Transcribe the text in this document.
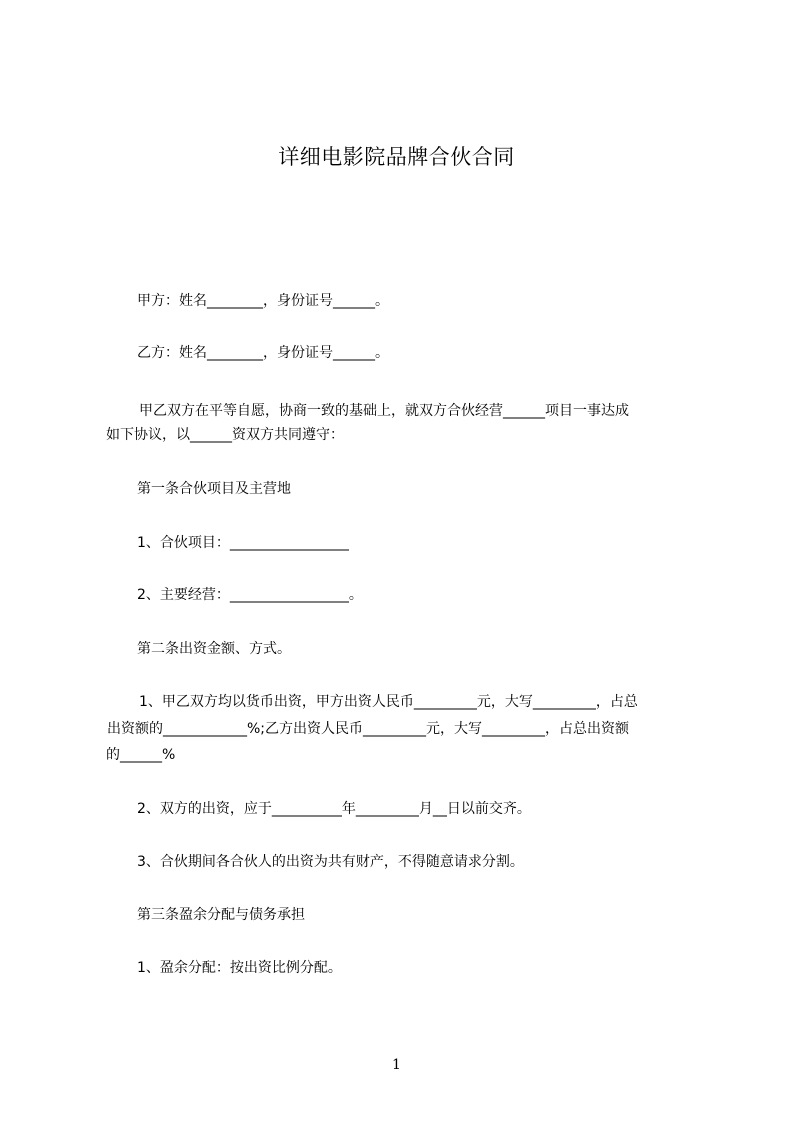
详细电影院品牌合伙合同
甲方：姓名________，身份证号______。
乙方：姓名________，身份证号______。
甲乙双方在平等自愿，协商一致的基础上，就双方合伙经营______项目一事达成
如下协议，以______资双方共同遵守：
第一条合伙项目及主营地
1、合伙项目：_________________
2、主要经营：_________________。
第二条出资金额、方式。
1、甲乙双方均以货币出资，甲方出资人民币_________元，大写_________，占总
出资额的____________%;乙方出资人民币_________元，大写_________，占总出资额
的______%
2、双方的出资，应于__________年_________月__日以前交齐。
3、合伙期间各合伙人的出资为共有财产，不得随意请求分割。
第三条盈余分配与债务承担
1、盈余分配：按出资比例分配。
1
